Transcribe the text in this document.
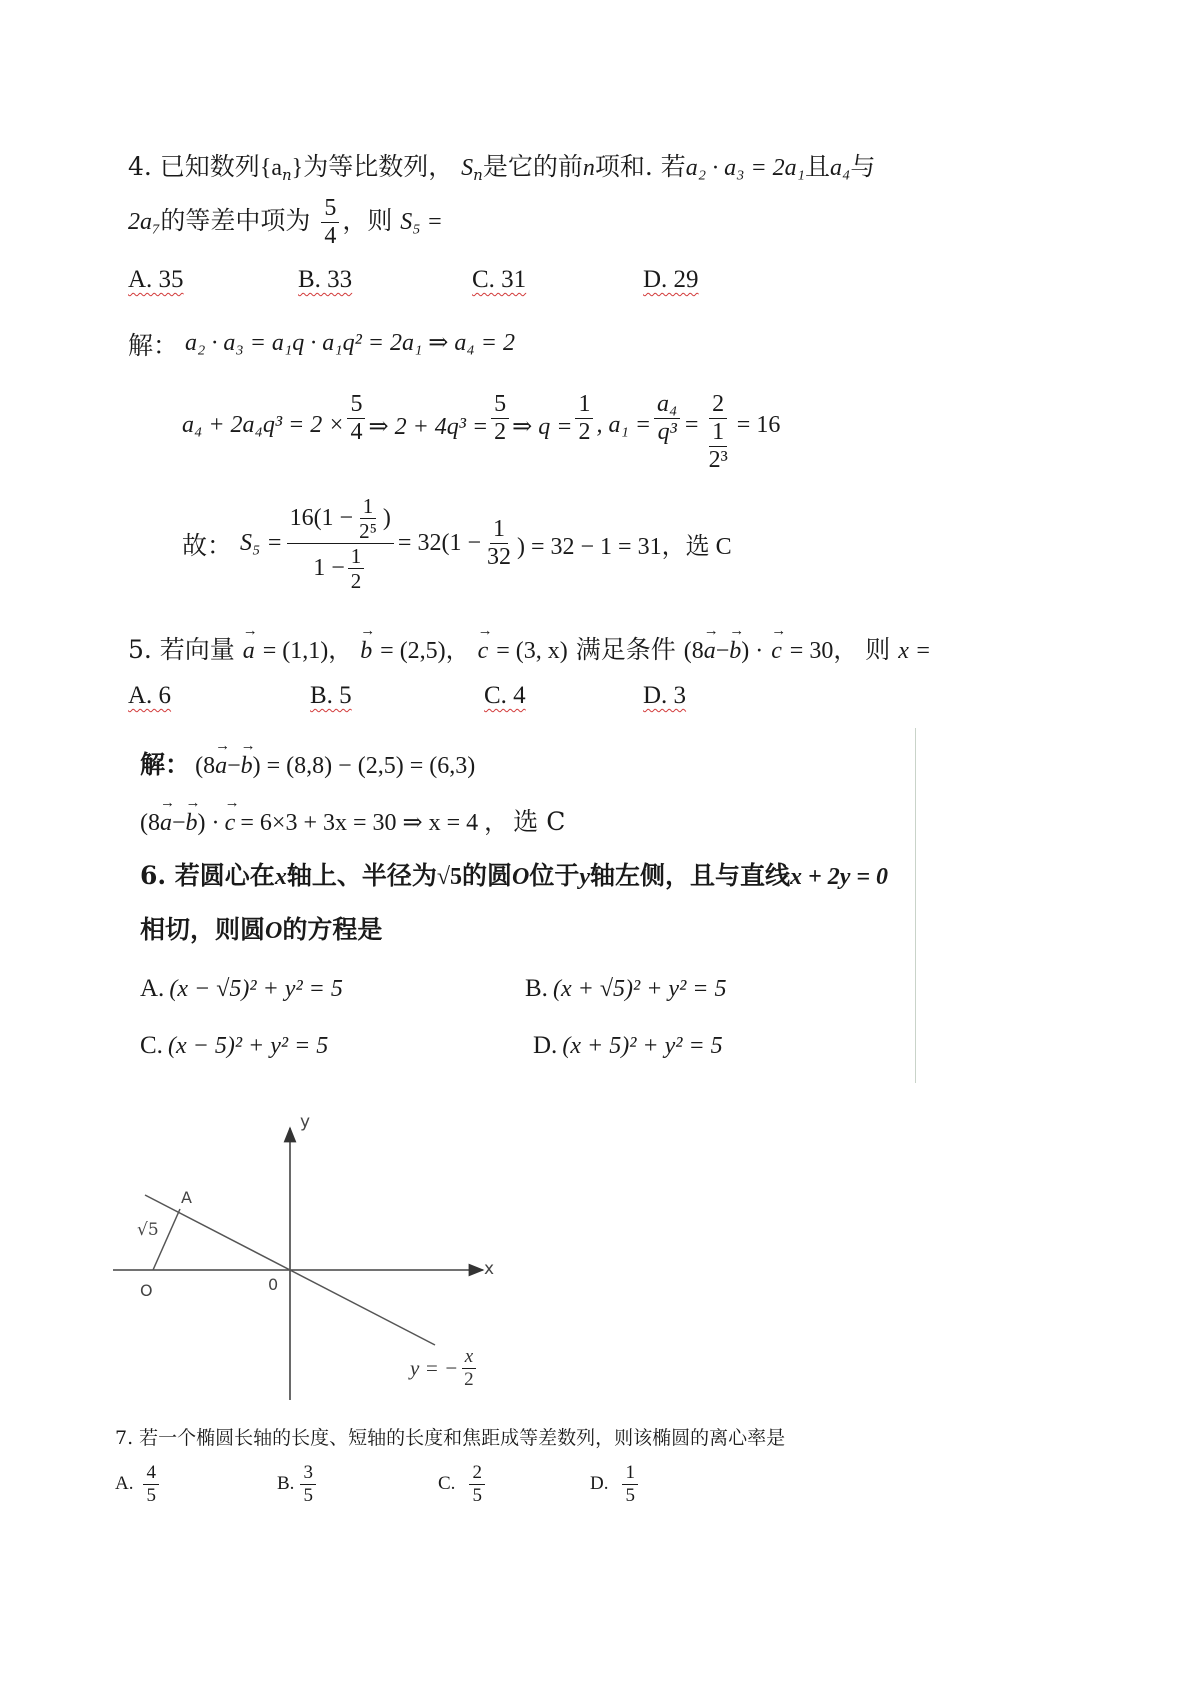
4. 已知数列$\{a_n\}$为等比数列， $S_n$是它的前n项和. 若a₂ · a₃ = 2a₁且a₄与
2a₇的等差中项为 $\frac{5}{4}$ ，则 S₅ =
A. 35	B. 33	C. 31	D. 29
解： a₂ · a₃ = a₁q · a₁q² = 2a₁ ⇒ a₄ = 2
$a_4 + 2a_4q^3 = 2 \times \frac{5}{4}$ ⇒ $2 + 4q^3 = \frac{5}{2}$ ⇒ $q = \frac{1}{2}$ , $a_1 = \frac{\text{a₄}}{\text{q³}} = \frac{2}{\frac{1}{\text{2³}}} = 16$
故： $S_5 = \frac{16(1 - \frac{1}{\text{2⁵}} )}{1 - \frac{1}{2}} = 32(1 - \frac{1}{32}$ ) = 32 − 1 = 31，选 C
5. 若向量 → a = (1,1)， → b = (2,5)， → c = (3, x) 满足条件 (8→ a−→ b) · → c = 30， 则 x =
A. 6	B. 5	C. 4	D. 3
解： (8→ a−→ b) = (8,8) − (2,5) = (6,3)
(8→ a−→ b) · → c = 6×3 + 3x = 30 ⇒ x = 4 ， 选 C
6. 若圆心在x轴上、半径为√5的圆O位于y轴左侧，且与直线x + 2y = 0
相切，则圆O的方程是
A. (x − √5)² + y² = 5	B. (x + √5)² + y² = 5
C. (x − 5)² + y² = 5	D. (x + 5)² + y² = 5
y
x
A
√5
O	0
y = − $\frac{x}{2}$
7. 若一个椭圆长轴的长度、短轴的长度和焦距成等差数列，则该椭圆的离心率是
A. $\frac{4}{5}$	B. $\frac{3}{5}$	C. $\frac{2}{5}$	D. $\frac{1}{5}$
